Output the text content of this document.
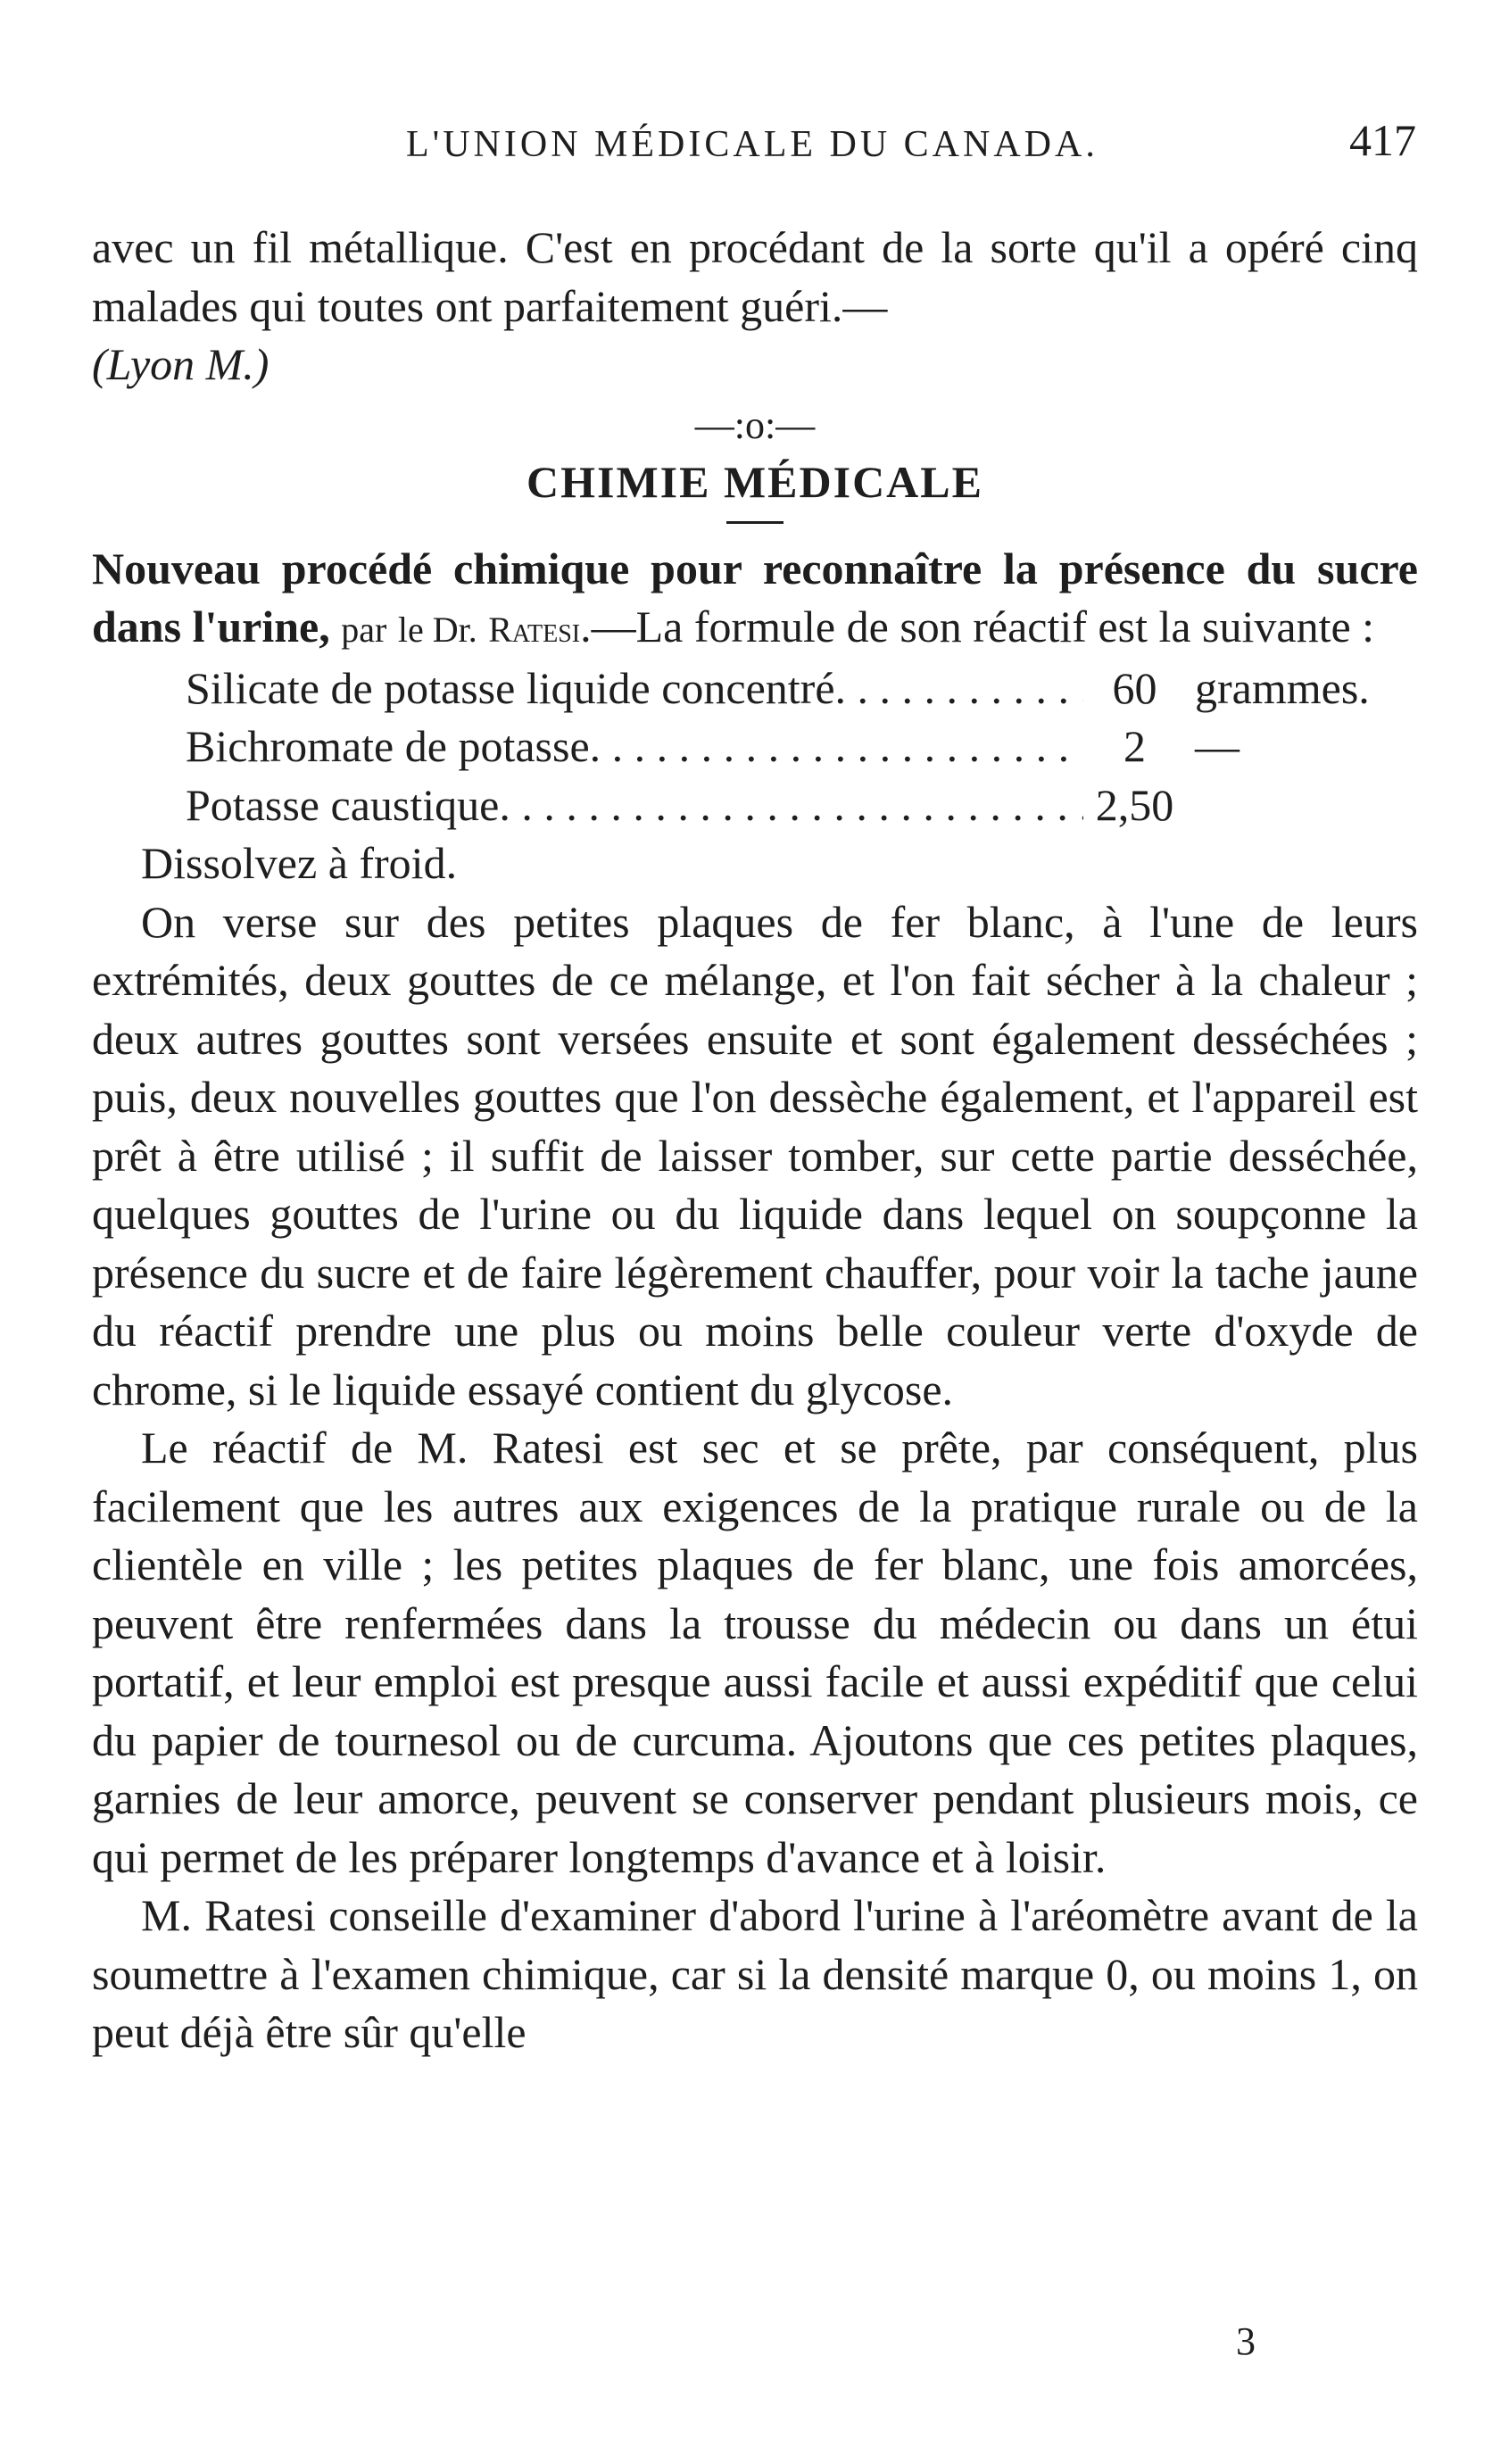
L'UNION MÉDICALE DU CANADA.	417

avec un fil métallique. C'est en procédant de la sorte qu'il a opéré cinq malades qui toutes ont parfaitement guéri.—
(Lyon M.)

—:o:—

CHIMIE MÉDICALE

Nouveau procédé chimique pour reconnaître la présence du sucre dans l'urine, par le Dr. Ratesi.—La formule de son réactif est la suivante :

Silicate de potasse liquide concentré . . .	60 grammes.
Bichromate de potasse . . .	2	—
Potasse caustique . . .	2,50

Dissolvez à froid.

On verse sur des petites plaques de fer blanc, à l'une de leurs extrémités, deux gouttes de ce mélange, et l'on fait sécher à la chaleur ; deux autres gouttes sont versées ensuite et sont également desséchées ; puis, deux nouvelles gouttes que l'on dessèche également, et l'appareil est prêt à être utilisé ; il suffit de laisser tomber, sur cette partie desséchée, quelques gouttes de l'urine ou du liquide dans lequel on soupçonne la présence du sucre et de faire légèrement chauffer, pour voir la tache jaune du réactif prendre une plus ou moins belle couleur verte d'oxyde de chrome, si le liquide essayé contient du glycose.

Le réactif de M. Ratesi est sec et se prête, par conséquent, plus facilement que les autres aux exigences de la pratique rurale ou de la clientèle en ville ; les petites plaques de fer blanc, une fois amorcées, peuvent être renfermées dans la trousse du médecin ou dans un étui portatif, et leur emploi est presque aussi facile et aussi expéditif que celui du papier de tournesol ou de curcuma. Ajoutons que ces petites plaques, garnies de leur amorce, peuvent se conserver pendant plusieurs mois, ce qui permet de les préparer longtemps d'avance et à loisir.

M. Ratesi conseille d'examiner d'abord l'urine à l'aréomètre avant de la soumettre à l'examen chimique, car si la densité marque 0, ou moins 1, on peut déjà être sûr qu'elle

3
